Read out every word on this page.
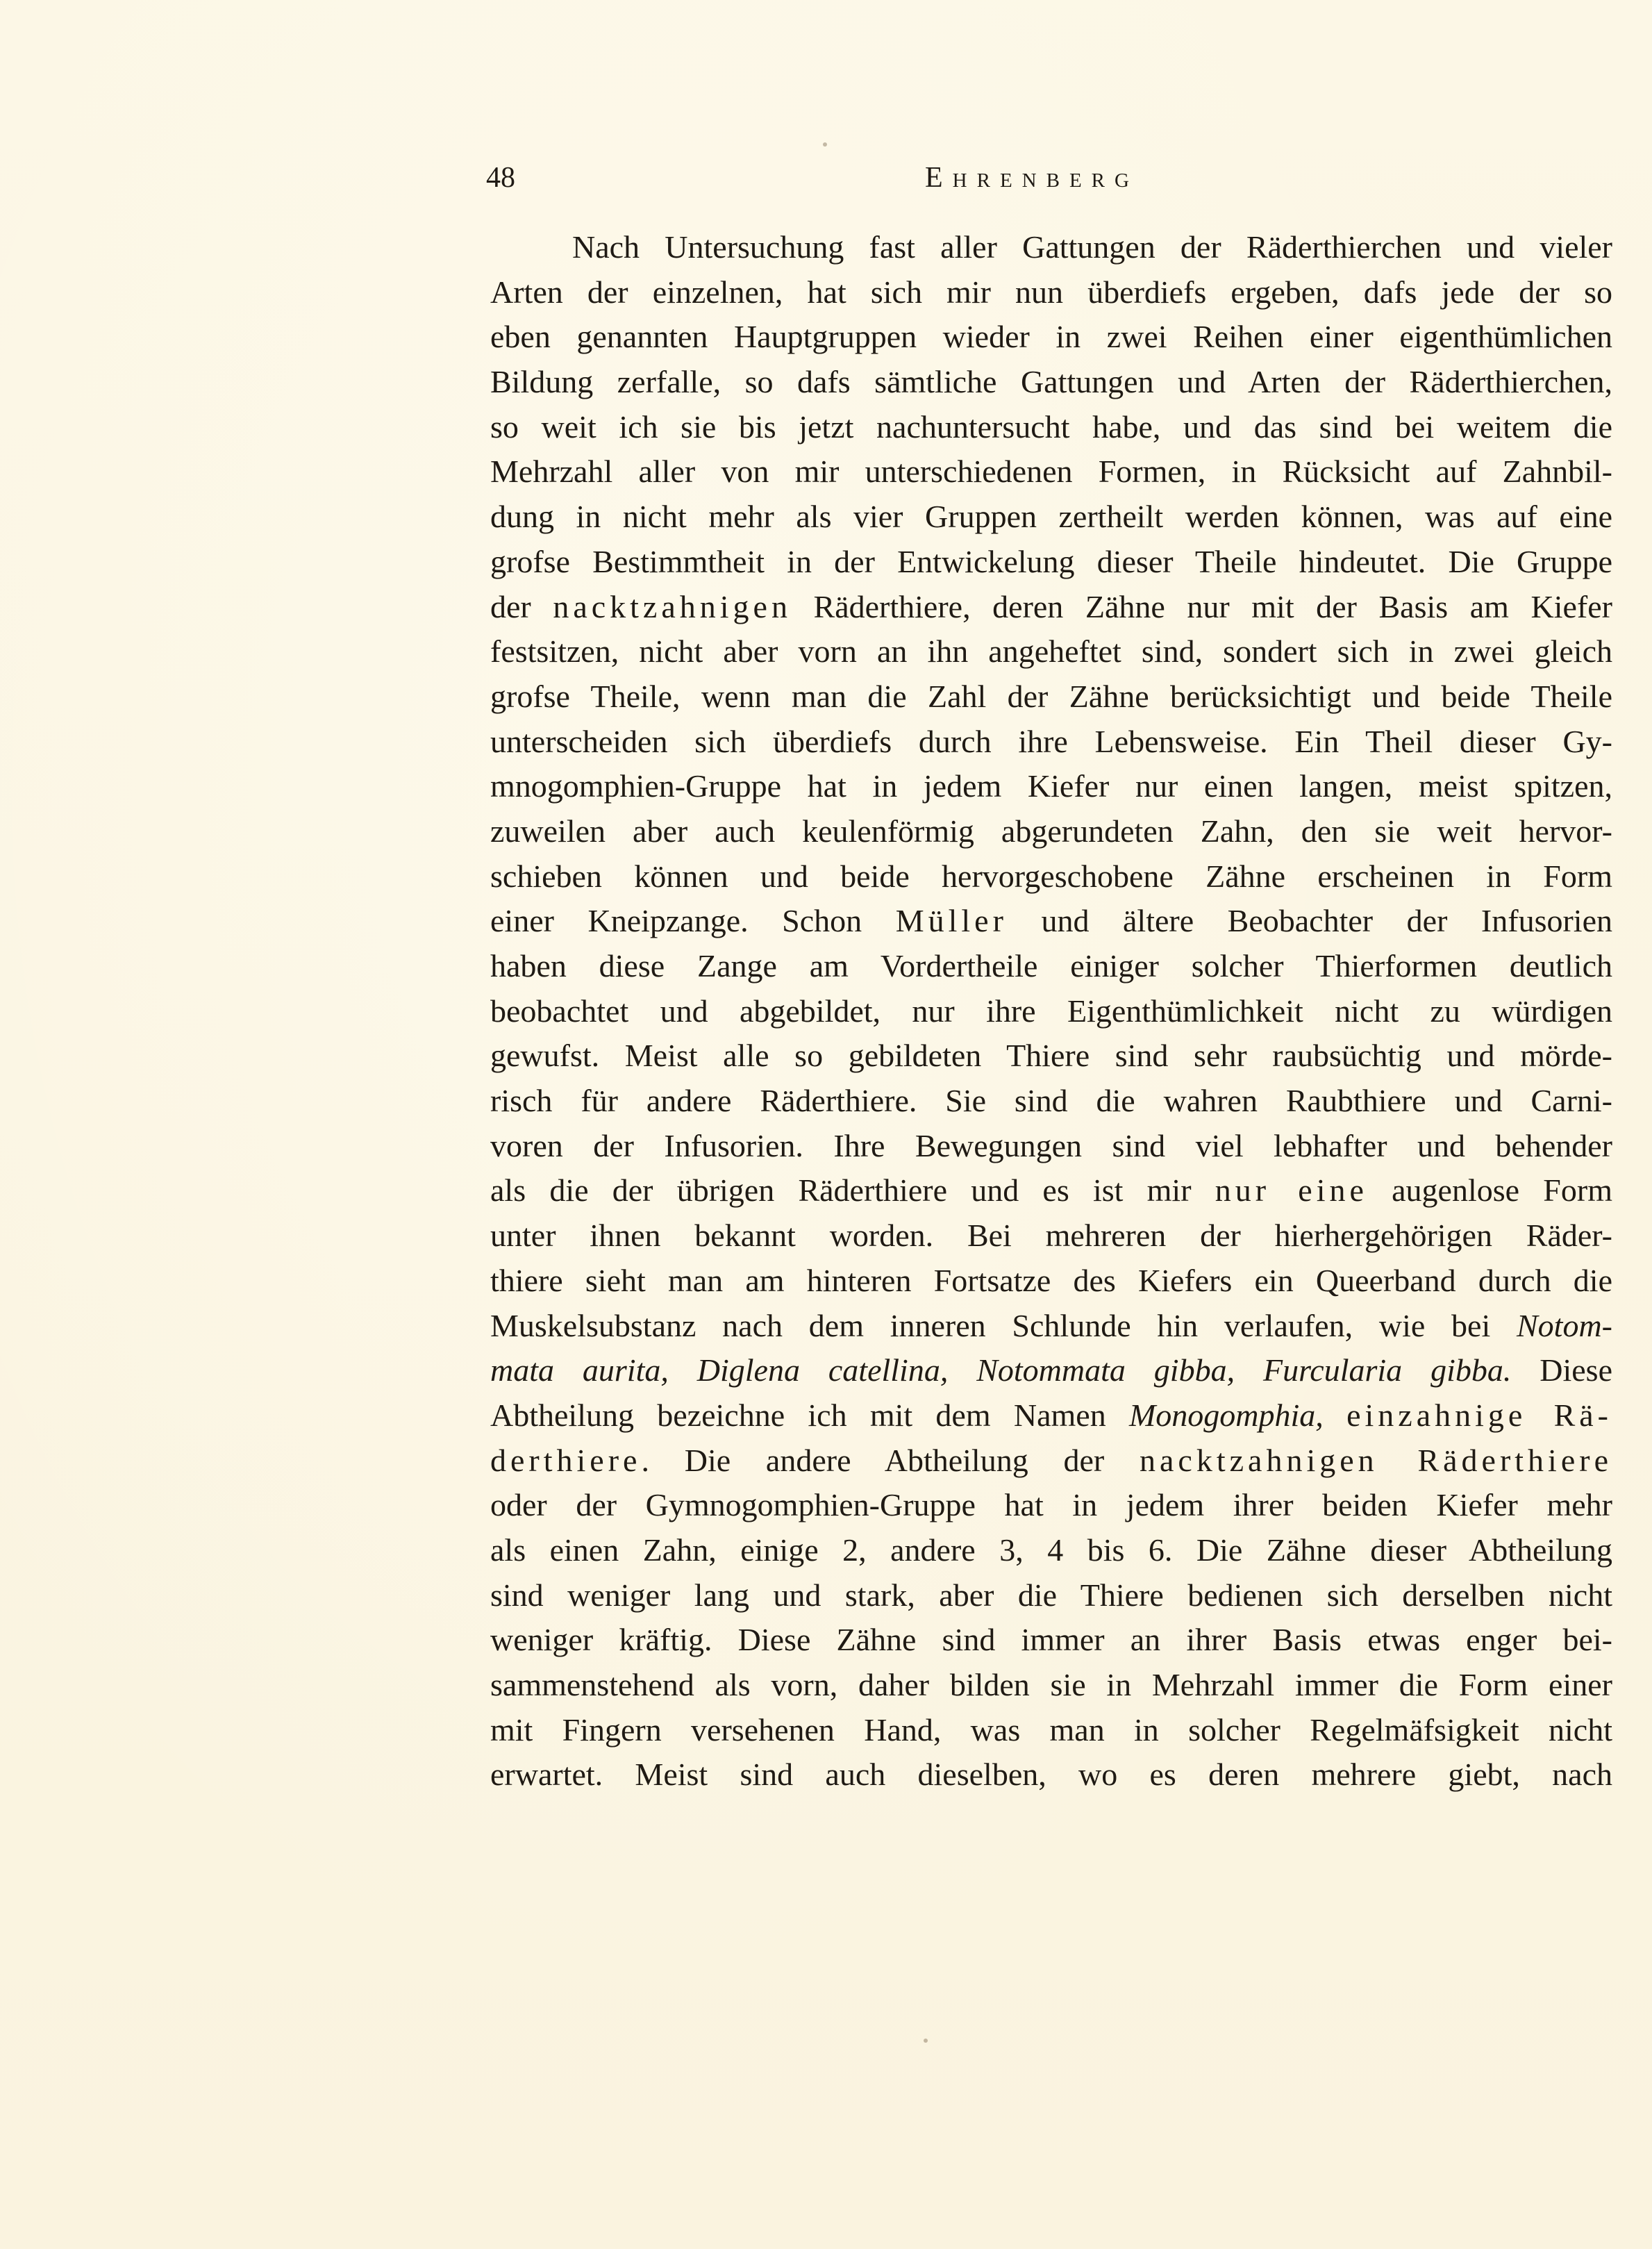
48	Ehrenberg
Nach Untersuchung fast aller Gattungen der Räderthierchen und vieler
Arten der einzelnen, hat sich mir nun überdiefs ergeben, dafs jede der so
eben genannten Hauptgruppen wieder in zwei Reihen einer eigenthümlichen
Bildung zerfalle, so dafs sämtliche Gattungen und Arten der Räderthierchen,
so weit ich sie bis jetzt nachuntersucht habe, und das sind bei weitem die
Mehrzahl aller von mir unterschiedenen Formen, in Rücksicht auf Zahnbil-
dung in nicht mehr als vier Gruppen zertheilt werden können, was auf eine
grofse Bestimmtheit in der Entwickelung dieser Theile hindeutet. Die Gruppe
der nacktzahnigen Räderthiere, deren Zähne nur mit der Basis am Kiefer
festsitzen, nicht aber vorn an ihn angeheftet sind, sondert sich in zwei gleich
grofse Theile, wenn man die Zahl der Zähne berücksichtigt und beide Theile
unterscheiden sich überdiefs durch ihre Lebensweise. Ein Theil dieser Gy-
mnogomphien-Gruppe hat in jedem Kiefer nur einen langen, meist spitzen,
zuweilen aber auch keulenförmig abgerundeten Zahn, den sie weit hervor-
schieben können und beide hervorgeschobene Zähne erscheinen in Form
einer Kneipzange. Schon Müller und ältere Beobachter der Infusorien
haben diese Zange am Vordertheile einiger solcher Thierformen deutlich
beobachtet und abgebildet, nur ihre Eigenthümlichkeit nicht zu würdigen
gewufst. Meist alle so gebildeten Thiere sind sehr raubsüchtig und mörde-
risch für andere Räderthiere. Sie sind die wahren Raubthiere und Carni-
voren der Infusorien. Ihre Bewegungen sind viel lebhafter und behender
als die der übrigen Räderthiere und es ist mir nur eine augenlose Form
unter ihnen bekannt worden. Bei mehreren der hierhergehörigen Räder-
thiere sieht man am hinteren Fortsatze des Kiefers ein Queerband durch die
Muskelsubstanz nach dem inneren Schlunde hin verlaufen, wie bei Notom-
mata aurita, Diglena catellina, Notommata gibba, Furcularia gibba. Diese
Abtheilung bezeichne ich mit dem Namen Monogomphia, einzahnige Rä-
derthiere. Die andere Abtheilung der nacktzahnigen Räderthiere
oder der Gymnogomphien-Gruppe hat in jedem ihrer beiden Kiefer mehr
als einen Zahn, einige 2, andere 3, 4 bis 6. Die Zähne dieser Abtheilung
sind weniger lang und stark, aber die Thiere bedienen sich derselben nicht
weniger kräftig. Diese Zähne sind immer an ihrer Basis etwas enger bei-
sammenstehend als vorn, daher bilden sie in Mehrzahl immer die Form einer
mit Fingern versehenen Hand, was man in solcher Regelmäfsigkeit nicht
erwartet. Meist sind auch dieselben, wo es deren mehrere giebt, nach
